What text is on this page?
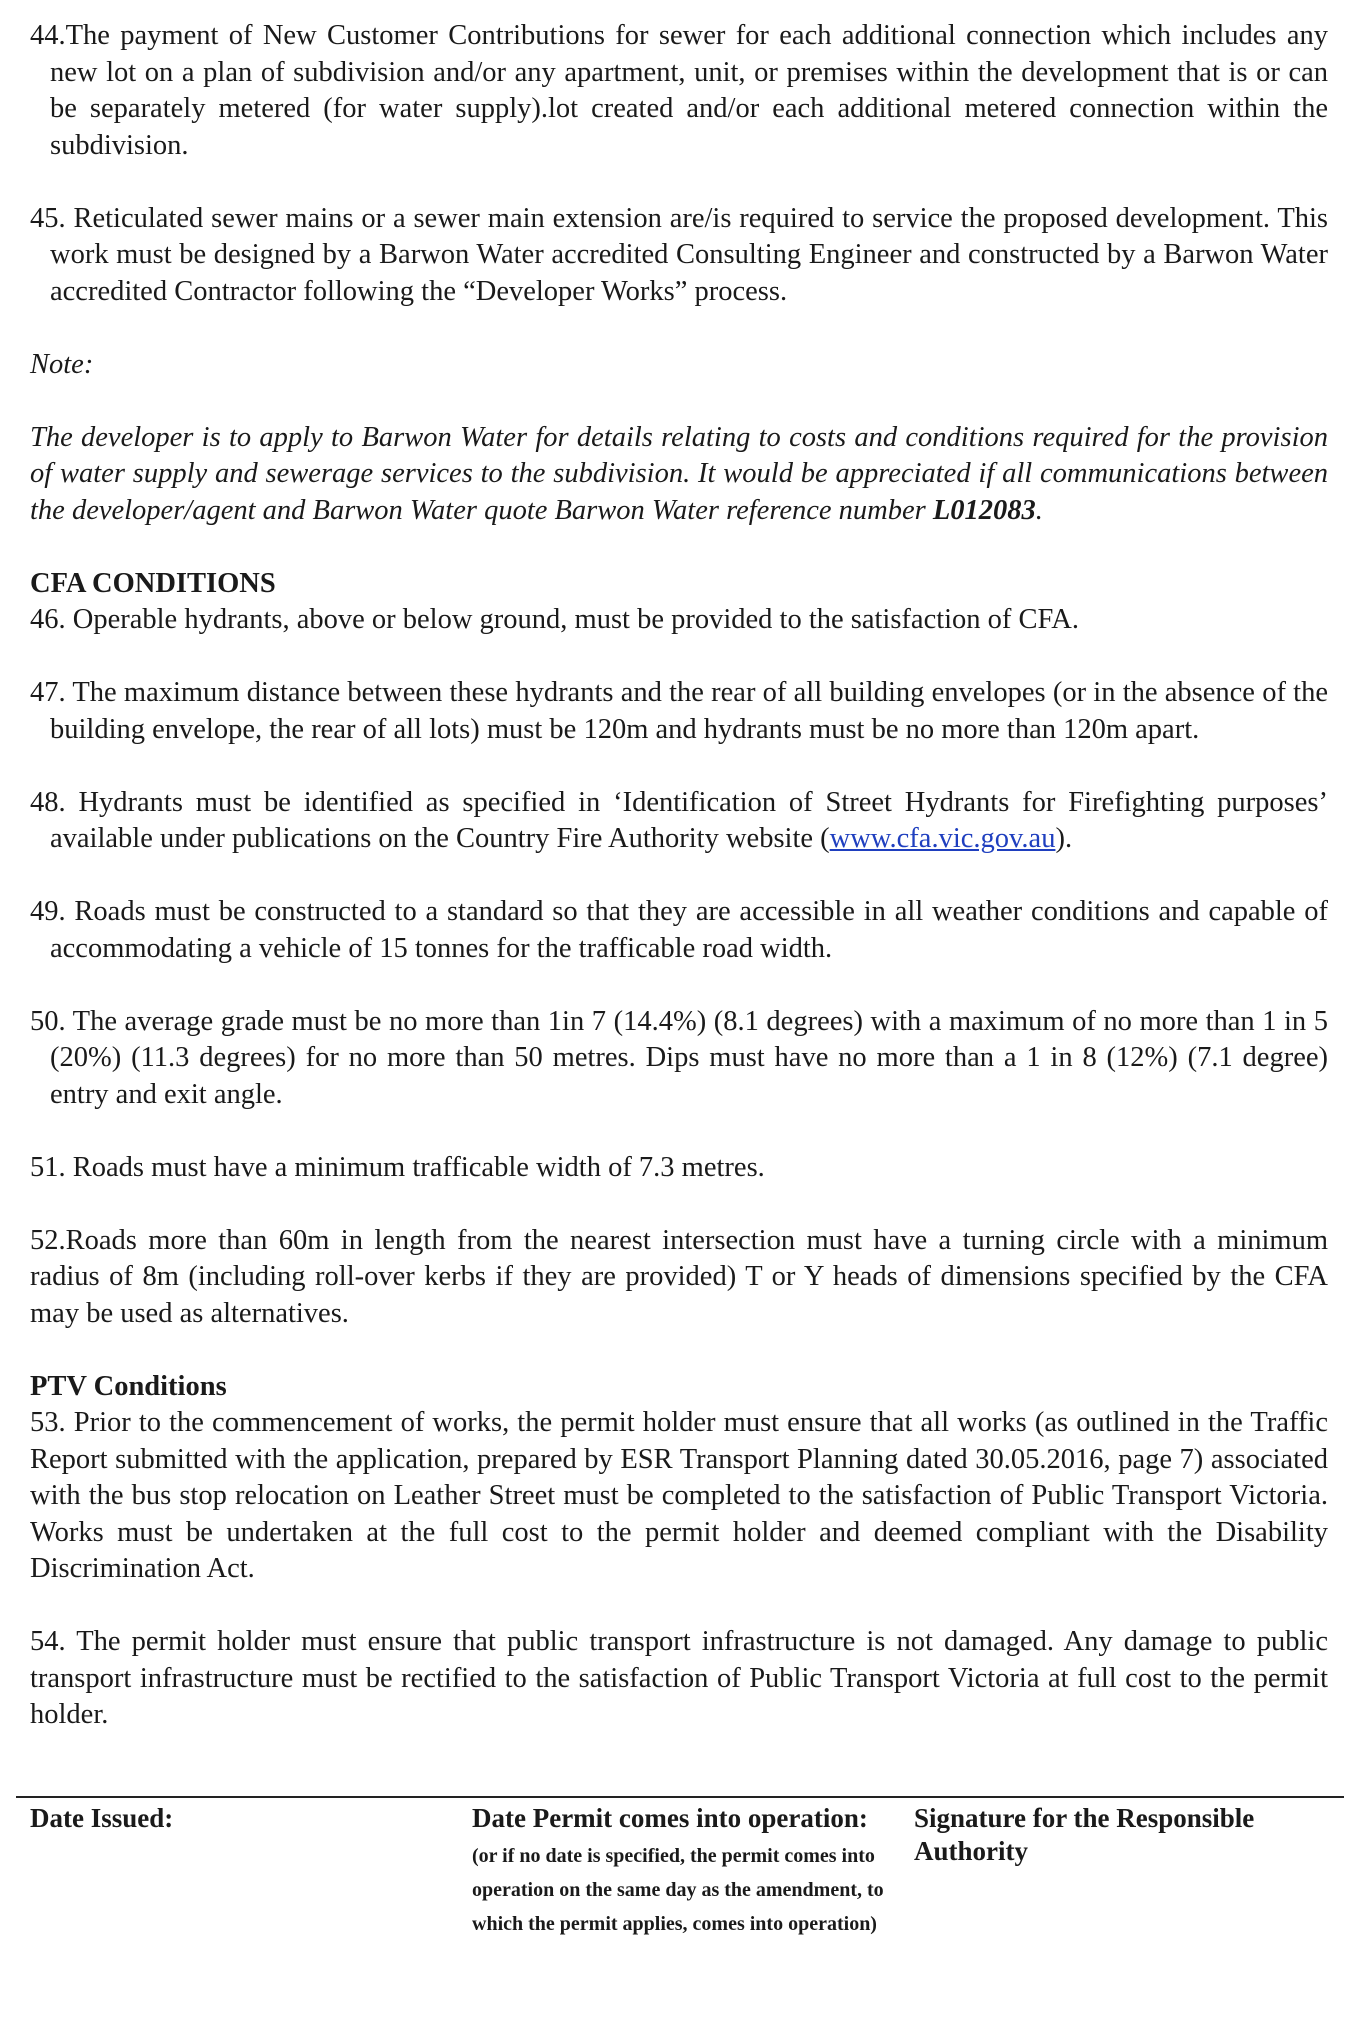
44.The payment of New Customer Contributions for sewer for each additional connection which includes any new lot on a plan of subdivision and/or any apartment, unit, or premises within the development that is or can be separately metered (for water supply).lot created and/or each additional metered connection within the subdivision.

45. Reticulated sewer mains or a sewer main extension are/is required to service the proposed development. This work must be designed by a Barwon Water accredited Consulting Engineer and constructed by a Barwon Water accredited Contractor following the “Developer Works” process.

Note:

The developer is to apply to Barwon Water for details relating to costs and conditions required for the provision of water supply and sewerage services to the subdivision. It would be appreciated if all communications between the developer/agent and Barwon Water quote Barwon Water reference number L012083.

CFA CONDITIONS

46. Operable hydrants, above or below ground, must be provided to the satisfaction of CFA.

47. The maximum distance between these hydrants and the rear of all building envelopes (or in the absence of the building envelope, the rear of all lots) must be 120m and hydrants must be no more than 120m apart.

48. Hydrants must be identified as specified in ‘Identification of Street Hydrants for Firefighting purposes’ available under publications on the Country Fire Authority website (www.cfa.vic.gov.au).

49. Roads must be constructed to a standard so that they are accessible in all weather conditions and capable of accommodating a vehicle of 15 tonnes for the trafficable road width.

50. The average grade must be no more than 1in 7 (14.4%) (8.1 degrees) with a maximum of no more than 1 in 5 (20%) (11.3 degrees) for no more than 50 metres. Dips must have no more than a 1 in 8 (12%) (7.1 degree) entry and exit angle.

51. Roads must have a minimum trafficable width of 7.3 metres.

52.Roads more than 60m in length from the nearest intersection must have a turning circle with a minimum radius of 8m (including roll-over kerbs if they are provided) T or Y heads of dimensions specified by the CFA may be used as alternatives.

PTV Conditions

53. Prior to the commencement of works, the permit holder must ensure that all works (as outlined in the Traffic Report submitted with the application, prepared by ESR Transport Planning dated 30.05.2016, page 7) associated with the bus stop relocation on Leather Street must be completed to the satisfaction of Public Transport Victoria. Works must be undertaken at the full cost to the permit holder and deemed compliant with the Disability Discrimination Act.

54. The permit holder must ensure that public transport infrastructure is not damaged. Any damage to public transport infrastructure must be rectified to the satisfaction of Public Transport Victoria at full cost to the permit holder.

Date Issued:	Date Permit comes into operation:
(or if no date is specified, the permit comes into operation on the same day as the amendment, to which the permit applies, comes into operation)
Signature for the Responsible Authority
